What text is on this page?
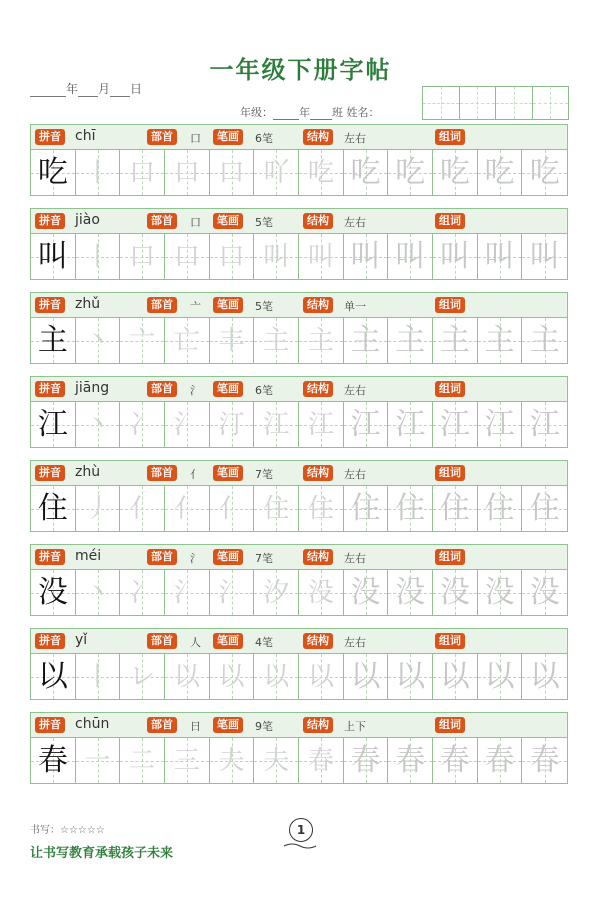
一年级下册字帖
年 月 日
年级： 年 班 姓名：
拼音 chī	部首	口	笔画	6笔	结构	左右	组词
吃 丨 口 口 口 吖 吃 吃 吃 吃 吃 吃
拼音 jiào	部首	口	笔画	5笔	结构	左右	组词
叫 丨 口 口 口 叫 叫 叫 叫 叫 叫 叫
拼音 zhǔ	部首	亠	笔画	5笔	结构	单一	组词
主 丶 亠 亡 丰 主 主 主 主 主 主 主
拼音 jiāng	部首	氵	笔画	6笔	结构	左右	组词
江 丶 冫 氵 汀 江 江 江 江 江 江 江
拼音 zhù	部首	亻	笔画	7笔	结构	左右	组词
住 丿 亻 亻 亻 住 住 住 住 住 住 住
拼音 méi	部首	氵	笔画	7笔	结构	左右	组词
没 丶 冫 氵 氵 汐 没 没 没 没 没 没
拼音 yǐ	部首	人	笔画	4笔	结构	左右	组词
以 丨 レ 以 以 以 以 以 以 以 以 以
拼音 chūn	部首	日	笔画	9笔	结构	上下	组词
春 一 二 三 夫 夫 春 春 春 春 春 春
书写：☆☆☆☆☆	1
让书写教育承载孩子未来
